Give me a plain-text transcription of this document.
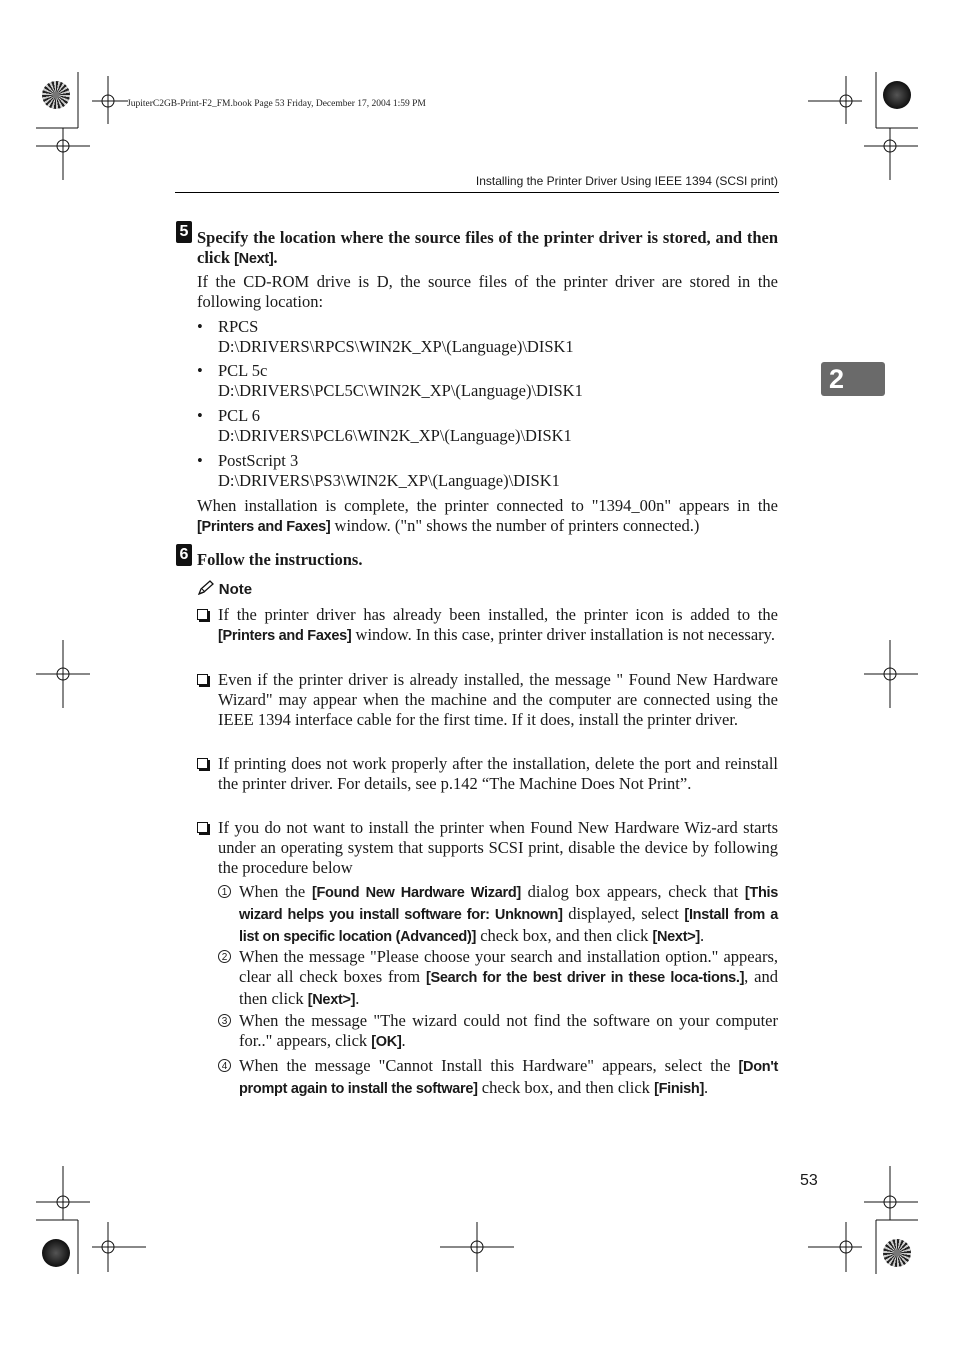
JupiterC2GB-Print-F2_FM.book Page 53 Friday, December 17, 2004 1:59 PM
Installing the Printer Driver Using IEEE 1394 (SCSI print)
2
5 Specify the location where the source files of the printer driver is stored, and then click [Next].
If the CD-ROM drive is D, the source files of the printer driver are stored in the following location:
• RPCS
D:\DRIVERS\RPCS\WIN2K_XP\(Language)\DISK1
• PCL 5c
D:\DRIVERS\PCL5C\WIN2K_XP\(Language)\DISK1
• PCL 6
D:\DRIVERS\PCL6\WIN2K_XP\(Language)\DISK1
• PostScript 3
D:\DRIVERS\PS3\WIN2K_XP\(Language)\DISK1
When installation is complete, the printer connected to "1394_00n" appears in the [Printers and Faxes] window. ("n" shows the number of printers connected.)
6 Follow the instructions.
Note
If the printer driver has already been installed, the printer icon is added to the [Printers and Faxes] window. In this case, printer driver installation is not necessary.
Even if the printer driver is already installed, the message " Found New Hardware Wizard" may appear when the machine and the computer are connected using the IEEE 1394 interface cable for the first time. If it does, install the printer driver.
If printing does not work properly after the installation, delete the port and reinstall the printer driver. For details, see p.142 “The Machine Does Not Print”.
If you do not want to install the printer when Found New Hardware Wiz-ard starts under an operating system that supports SCSI print, disable the device by following the procedure below
1 When the [Found New Hardware Wizard] dialog box appears, check that [This wizard helps you install software for: Unknown] displayed, select [Install from a list on specific location (Advanced)] check box, and then click [Next>].
2 When the message "Please choose your search and installation option." appears, clear all check boxes from [Search for the best driver in these loca-tions.], and then click [Next>].
3 When the message "The wizard could not find the software on your computer for.." appears, click [OK].
4 When the message "Cannot Install this Hardware" appears, select the [Don't prompt again to install the software] check box, and then click [Finish].
53
